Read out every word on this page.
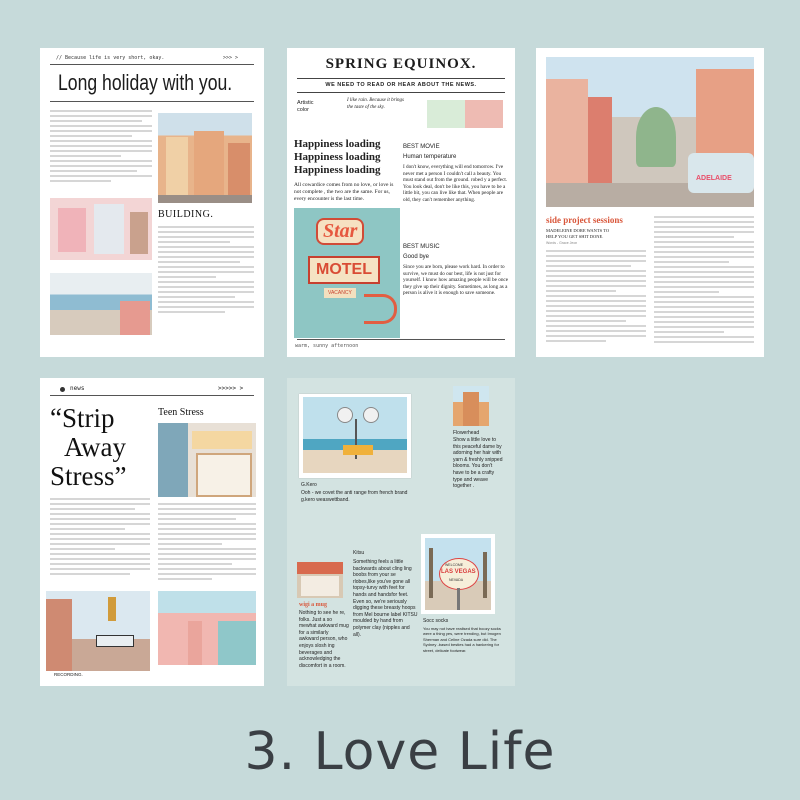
// Because life is very short, okay.	>>> >
Long holiday with you.
BUILDING.
SPRING EQUINOX.
WE NEED TO READ OR HEAR ABOUT THE NEWS.
Artistic color
I like rain. Because it brings the taste of the sky.
Happiness loading
Happiness loading
Happiness loading
All cowardice comes from no love, or love is not complete , the two are the same. For us, every encounter is the last time.
Star
MOTEL
VACANCY
warm, sunny afternoon
BEST MOVIE
Human temperature
I don't know, everything will end tomorrow. I've never met a person I couldn't call a beauty. You must stand out from the ground. robed y a perfect. You look deal, don't be like this, you have to be a little bit, you can live like that. When people are old, they can't remember anything.
BEST MUSIC
Good bye
Since you are born, please work hard. In order to survive, we must do our best, life is not just for yourself. I know how amazing people will be once they give up their dignity. Sometimes, as long as a person is alive it is enough to save someone.
ADELAIDE
side project sessions
MADELEINE DORE WANTS TO
HELP YOU GET SHIT DONE.
Words - Grace Jeon
news	>>>>> >
“Strip
Away
Stress”
Teen Stress
RECORDING.
G.Kero
Ooh - we covet the anti range from french brand g.kero weaswettband.
Flowerhead
Show a little love to this peaceful dame by adorning her hair with yarn & freshly snipped blooms. You don't have to be a crafty type and weave together .
wigi a mug
Nothing to see he re, folks. Just a so mewhat awkward mug for a similarly awkward person, who enjoys slosh ing beverages and acknowledging the discomfort in a room.
Kitsu
Something feels a little backwards about cling ling boobs from your se rlobes,like you've gone all topsy-turvy with feet for hands and handsfor feet. Even so, we're seriously digging these breasty hoops from Mel bourne label KITSU moulded by hand from polymer clay (nipples and all).
WELCOME
LAS VEGAS
NEVADA
Socc socks
You may not have realised that boozy socks were a thing yes, were trending, but Imogen Sherman and Celine Ozada sure did. The Sydney -based besties had a hankering for street, delicate footwear.
3. Love Life
